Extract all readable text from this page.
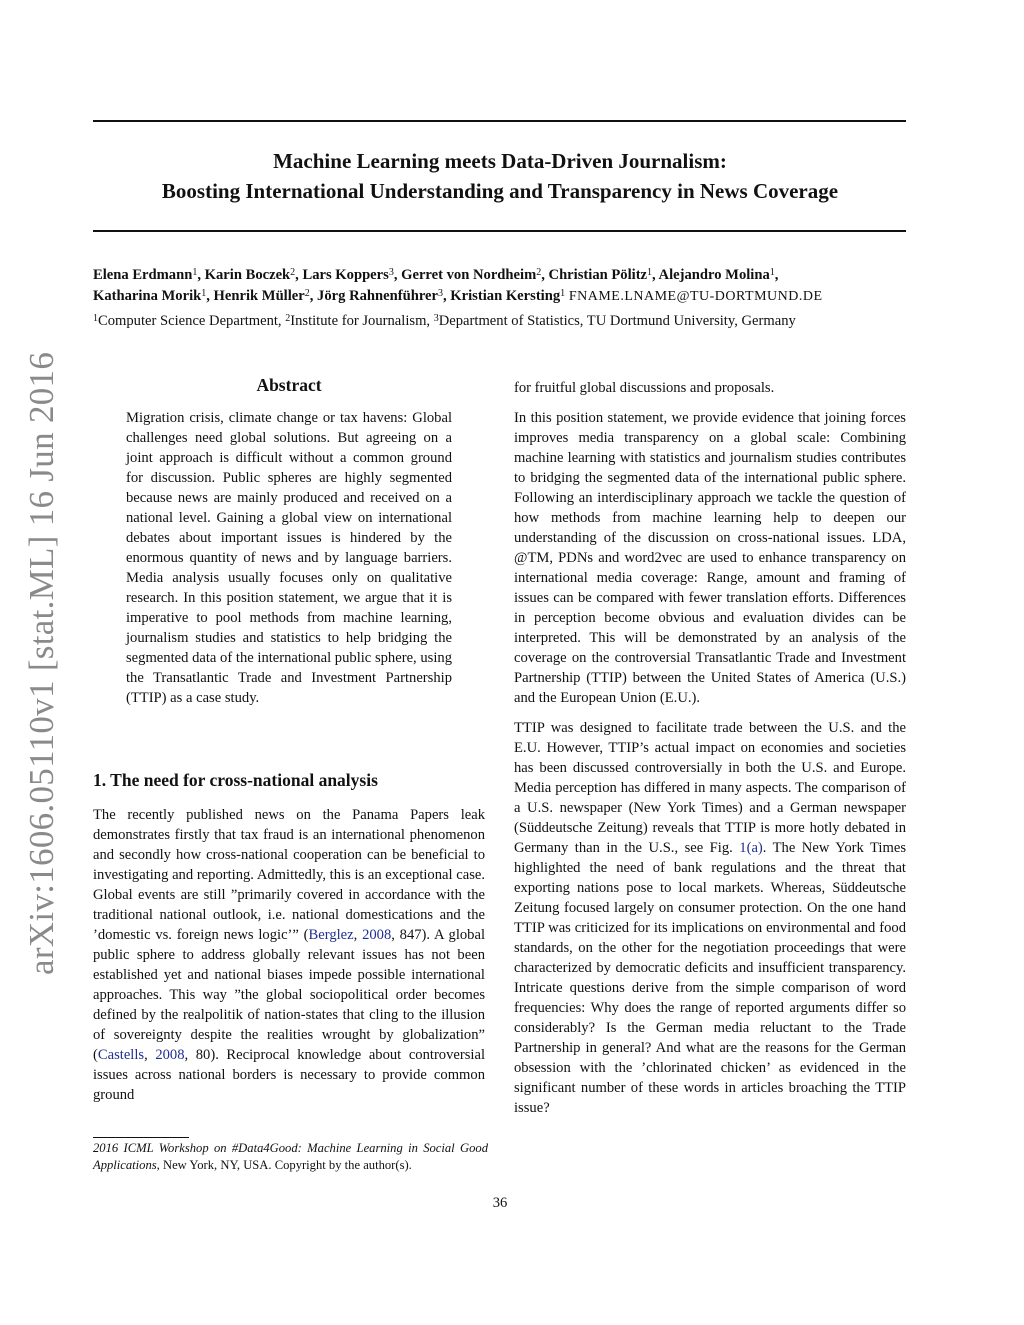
Machine Learning meets Data-Driven Journalism:
Boosting International Understanding and Transparency in News Coverage
Elena Erdmann$^1$, Karin Boczek$^2$, Lars Koppers$^3$, Gerret von Nordheim$^2$, Christian Pölitz$^1$, Alejandro Molina$^1$,
Katharina Morik$^1$, Henrik Müller$^2$, Jörg Rahnenführer$^3$, Kristian Kersting$^1$ FNAME.LNAME@TU-DORTMUND.DE
$^1$Computer Science Department, $^2$Institute for Journalism, $^3$Department of Statistics, TU Dortmund University, Germany
arXiv:1606.05110v1 [stat.ML] 16 Jun 2016	Abstract
Migration crisis, climate change or tax havens: Global challenges need global solutions. But agreeing on a joint approach is difficult without a common ground for discussion. Public spheres are highly segmented because news are mainly produced and received on a national level. Gaining a global view on international debates about important issues is hindered by the enormous quantity of news and by language barriers. Media analysis usually focuses only on qualitative research. In this position statement, we argue that it is imperative to pool methods from machine learning, journalism studies and statistics to help bridging the segmented data of the international public sphere, using the Transatlantic Trade and Investment Partnership (TTIP) as a case study.
1. The need for cross-national analysis

The recently published news on the Panama Papers leak demonstrates firstly that tax fraud is an international phenomenon and secondly how cross-national cooperation can be beneficial to investigating and reporting. Admittedly, this is an exceptional case. Global events are still ”primarily covered in accordance with the traditional national outlook, i.e. national domestications and the ’domestic vs. foreign news logic’” (Berglez, 2008, 847). A global public sphere to address globally relevant issues has not been established yet and national biases impede possible international approaches. This way ”the global sociopolitical order becomes defined by the realpolitik of nation-states that cling to the illusion of sovereignty despite the realities wrought by globalization” (Castells, 2008, 80). Reciprocal knowledge about controversial issues across national borders is necessary to provide common ground

for fruitful global discussions and proposals.

In this position statement, we provide evidence that joining forces improves media transparency on a global scale: Combining machine learning with statistics and journalism studies contributes to bridging the segmented data of the international public sphere. Following an interdisciplinary approach we tackle the question of how methods from machine learning help to deepen our understanding of the discussion on cross-national issues. LDA, @TM, PDNs and word2vec are used to enhance transparency on international media coverage: Range, amount and framing of issues can be compared with fewer translation efforts. Differences in perception become obvious and evaluation divides can be interpreted. This will be demonstrated by an analysis of the coverage on the controversial Transatlantic Trade and Investment Partnership (TTIP) between the United States of America (U.S.) and the European Union (E.U.).

TTIP was designed to facilitate trade between the U.S. and the E.U. However, TTIP’s actual impact on economies and societies has been discussed controversially in both the U.S. and Europe. Media perception has differed in many aspects. The comparison of a U.S. newspaper (New York Times) and a German newspaper (Süddeutsche Zeitung) reveals that TTIP is more hotly debated in Germany than in the U.S., see Fig. 1(a). The New York Times highlighted the need of bank regulations and the threat that exporting nations pose to local markets. Whereas, Süddeutsche Zeitung focused largely on consumer protection. On the one hand TTIP was criticized for its implications on environmental and food standards, on the other for the negotiation proceedings that were characterized by democratic deficits and insufficient transparency. Intricate questions derive from the simple comparison of word frequencies: Why does the range of reported arguments differ so considerably? Is the German media reluctant to the Trade Partnership in general? And what are the reasons for the German obsession with the ’chlorinated chicken’ as evidenced in the significant number of these words in articles broaching the TTIP issue?

2016 ICML Workshop on #Data4Good: Machine Learning in Social Good Applications, New York, NY, USA. Copyright by the author(s).
36
